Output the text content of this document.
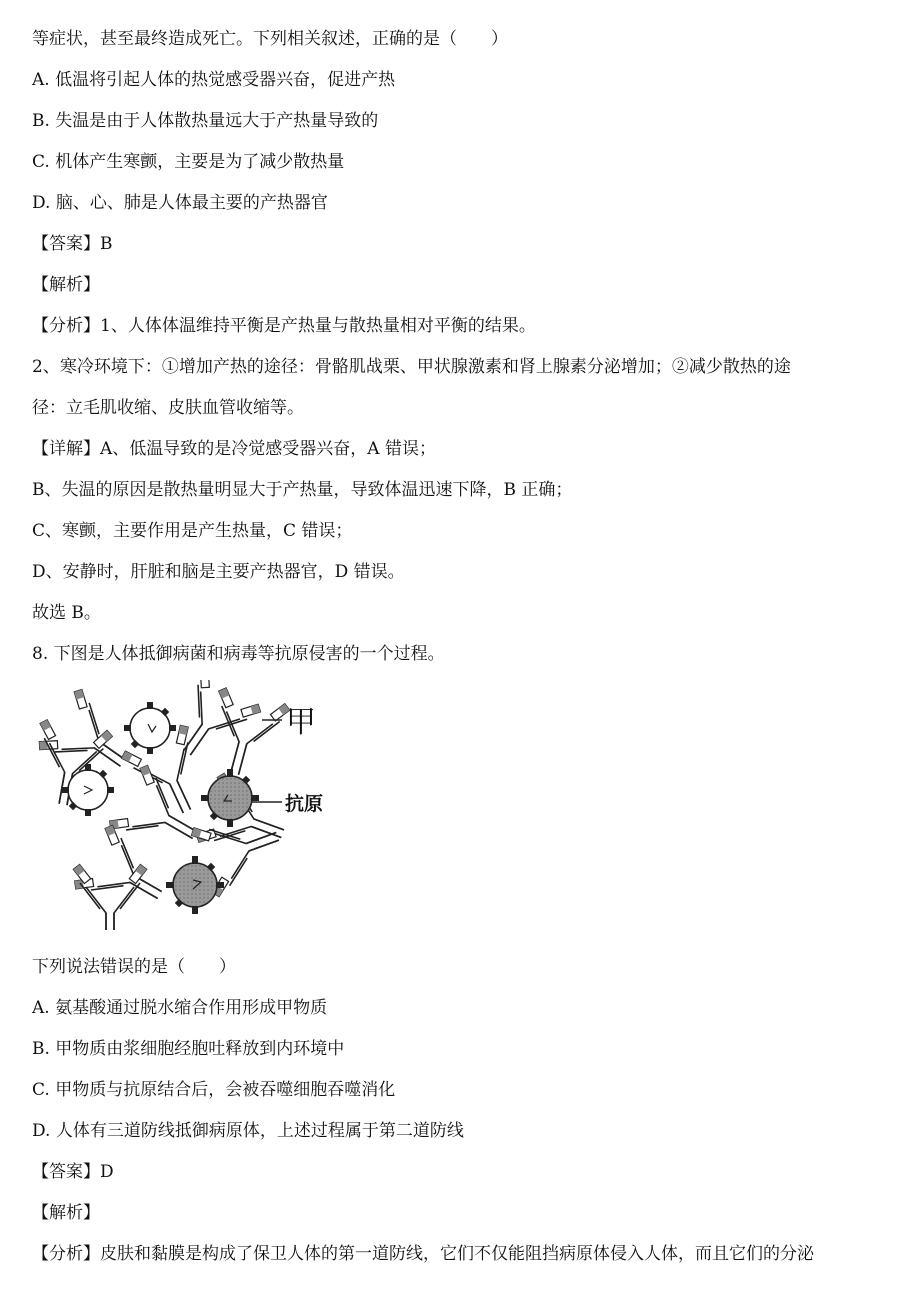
等症状，甚至最终造成死亡。下列相关叙述，正确的是（　　）
A. 低温将引起人体的热觉感受器兴奋，促进产热
B. 失温是由于人体散热量远大于产热量导致的
C. 机体产生寒颤，主要是为了减少散热量
D. 脑、心、肺是人体最主要的产热器官
【答案】B
【解析】
【分析】1、人体体温维持平衡是产热量与散热量相对平衡的结果。
2、寒冷环境下：①增加产热的途径：骨骼肌战栗、甲状腺激素和肾上腺素分泌增加；②减少散热的途
径：立毛肌收缩、皮肤血管收缩等。
【详解】A、低温导致的是冷觉感受器兴奋，A 错误；
B、失温的原因是散热量明显大于产热量，导致体温迅速下降，B 正确；
C、寒颤，主要作用是产生热量，C 错误；
D、安静时，肝脏和脑是主要产热器官，D 错误。
故选 B。
8. 下图是人体抵御病菌和病毒等抗原侵害的一个过程。
甲
抗原
下列说法错误的是（　　）
A. 氨基酸通过脱水缩合作用形成甲物质
B. 甲物质由浆细胞经胞吐释放到内环境中
C. 甲物质与抗原结合后，会被吞噬细胞吞噬消化
D. 人体有三道防线抵御病原体，上述过程属于第二道防线
【答案】D
【解析】
【分析】皮肤和黏膜是构成了保卫人体的第一道防线，它们不仅能阻挡病原体侵入人体，而且它们的分泌
